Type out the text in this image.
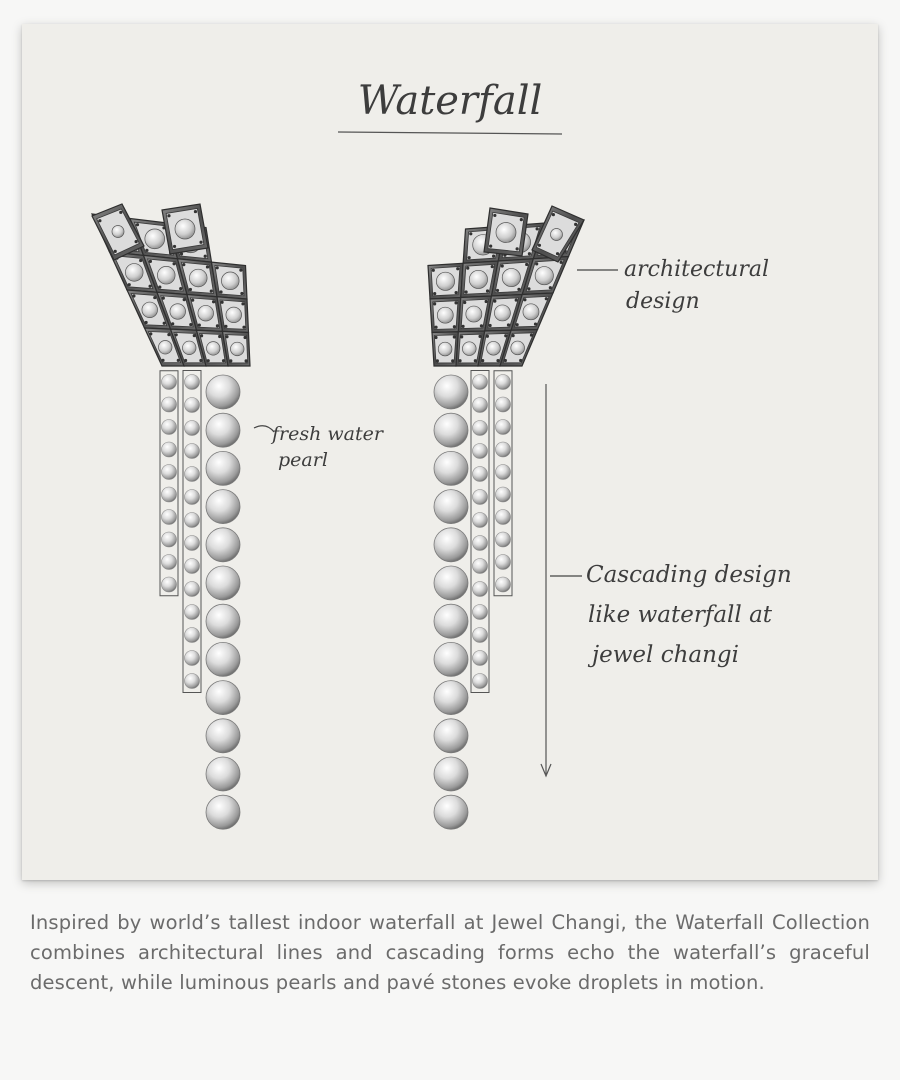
Waterfall
fresh water
pearl
architectural
design
Cascading design
like waterfall at
jewel changi

Inspired by world’s tallest indoor waterfall at Jewel Changi, the Waterfall Collection combines architectural lines and cascading forms echo the waterfall’s graceful descent, while luminous pearls and pavé stones evoke droplets in motion.
